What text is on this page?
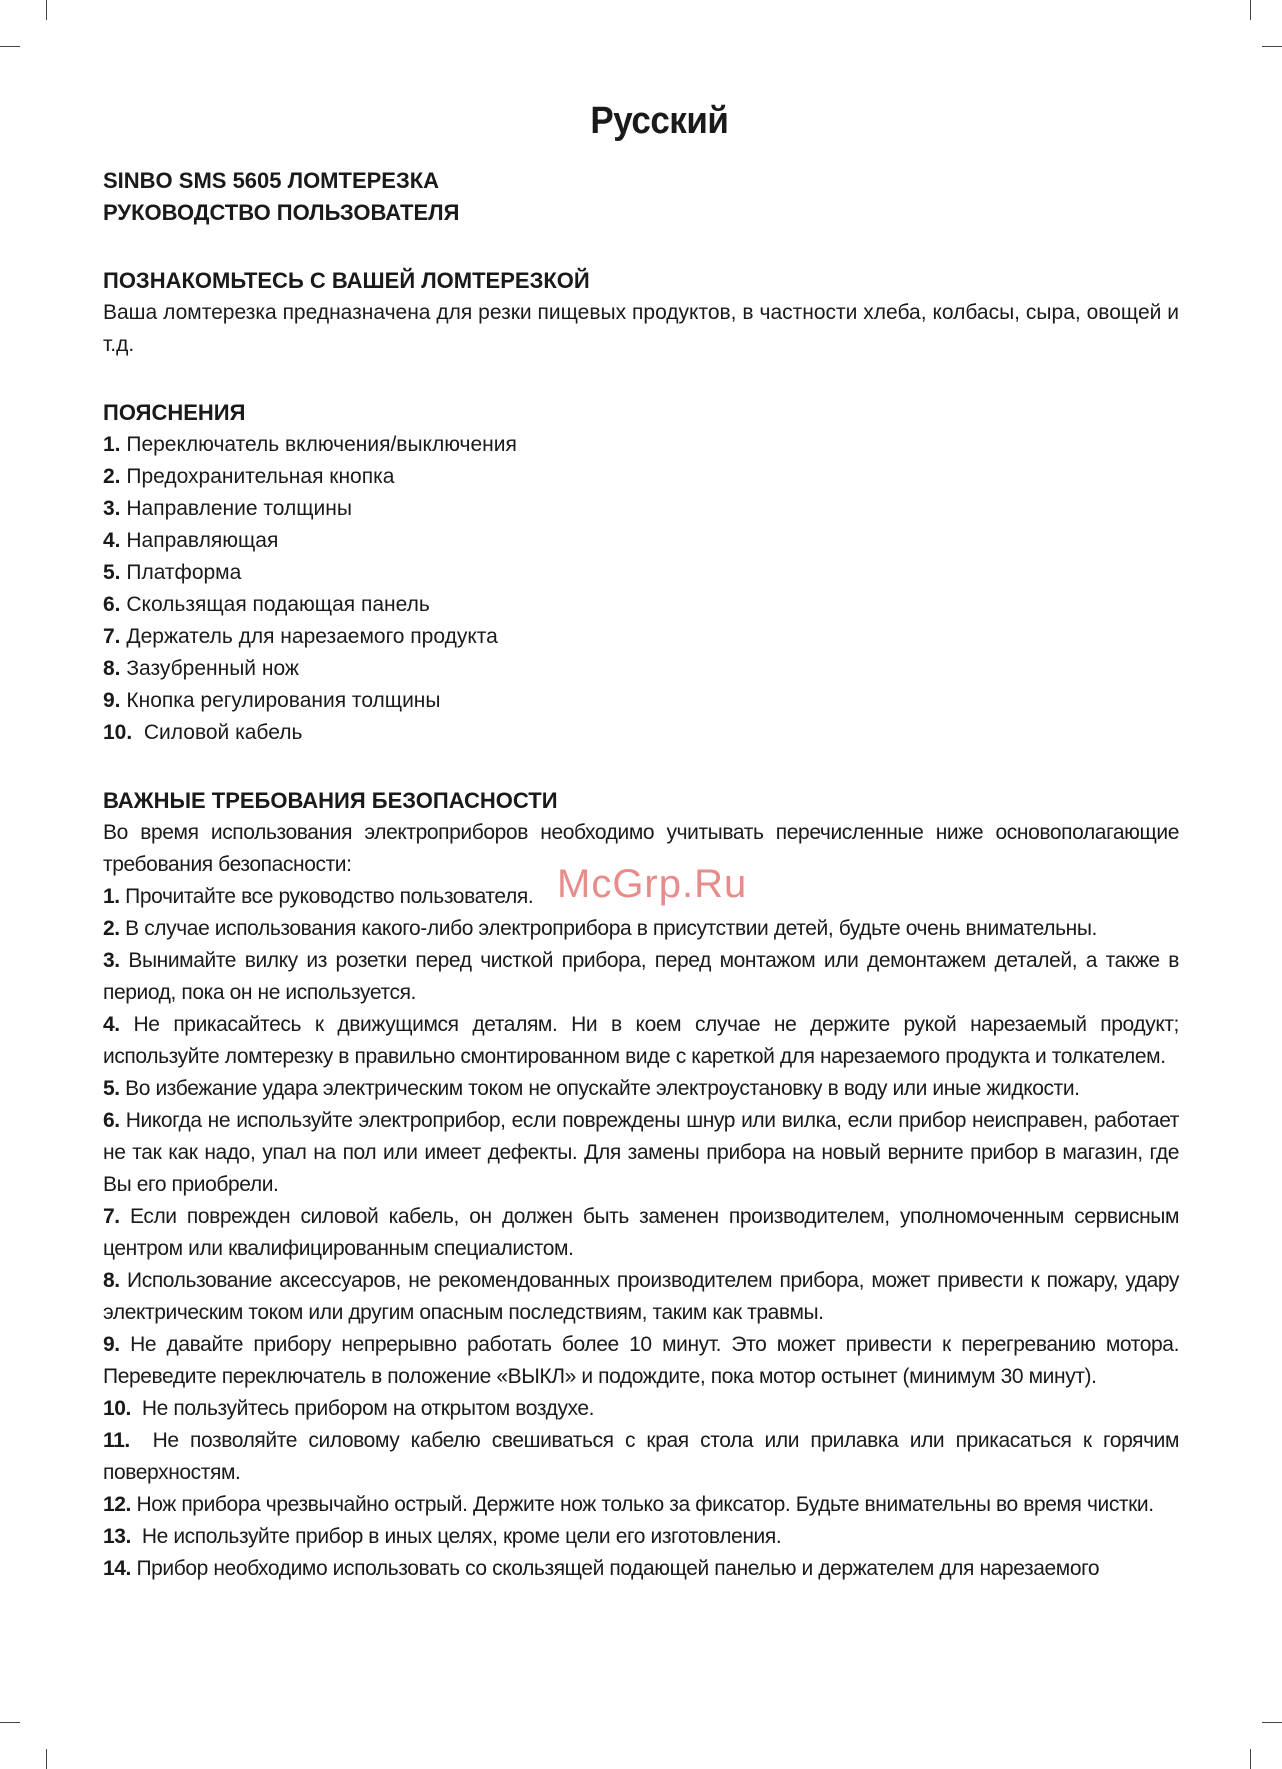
Русский

SINBO SMS 5605 ЛОМТЕРЕЗКА

РУКОВОДСТВО ПОЛЬЗОВАТЕЛЯ

ПОЗНАКОМЬТЕСЬ С ВАШЕЙ ЛОМТЕРЕЗКОЙ

Ваша ломтерезка предназначена для резки пищевых продуктов, в частности хлеба, колбасы, сыра, овощей и т.д.

ПОЯСНЕНИЯ
1. Переключатель включения/выключения
2. Предохранительная кнопка
3. Направление толщины
4. Направляющая
5. Платформа
6. Скользящая подающая панель
7. Держатель для нарезаемого продукта
8. Зазубренный нож
9. Кнопка регулирования толщины
10. Силовой кабель
ВАЖНЫЕ ТРЕБОВАНИЯ БЕЗОПАСНОСТИ

Во время использования электроприборов необходимо учитывать перечисленные ниже основополагающие требования безопасности:

1. Прочитайте все руководство пользователя.
2. В случае использования какого-либо электроприбора в присутствии детей, будьте очень внимательны.
3. Вынимайте вилку из розетки перед чисткой прибора, перед монтажом или демонтажем деталей, а также в период, пока он не используется.
4. Не прикасайтесь к движущимся деталям. Ни в коем случае не держите рукой нарезаемый продукт; используйте ломтерезку в правильно смонтированном виде с кареткой для нарезаемого продукта и толкателем.
5. Во избежание удара электрическим током не опускайте электроустановку в воду или иные жидкости.
6. Никогда не используйте электроприбор, если повреждены шнур или вилка, если прибор неисправен, работает не так как надо, упал на пол или имеет дефекты. Для замены прибора на новый верните прибор в магазин, где Вы его приобрели.
7. Если поврежден силовой кабель, он должен быть заменен производителем, уполномоченным сервисным центром или квалифицированным специалистом.
8. Использование аксессуаров, не рекомендованных производителем прибора, может привести к пожару, удару электрическим током или другим опасным последствиям, таким как травмы.
9. Не давайте прибору непрерывно работать более 10 минут. Это может привести к перегреванию мотора. Переведите переключатель в положение «ВЫКЛ» и подождите, пока мотор остынет (минимум 30 минут).
10. Не пользуйтесь прибором на открытом воздухе.
11. Не позволяйте силовому кабелю свешиваться с края стола или прилавка или прикасаться к горячим поверхностям.
12. Нож прибора чрезвычайно острый. Держите нож только за фиксатор. Будьте внимательны во время чистки.
13. Не используйте прибор в иных целях, кроме цели его изготовления.
14. Прибор необходимо использовать со скользящей подающей панелью и держателем для нарезаемого
McGrp.Ru
